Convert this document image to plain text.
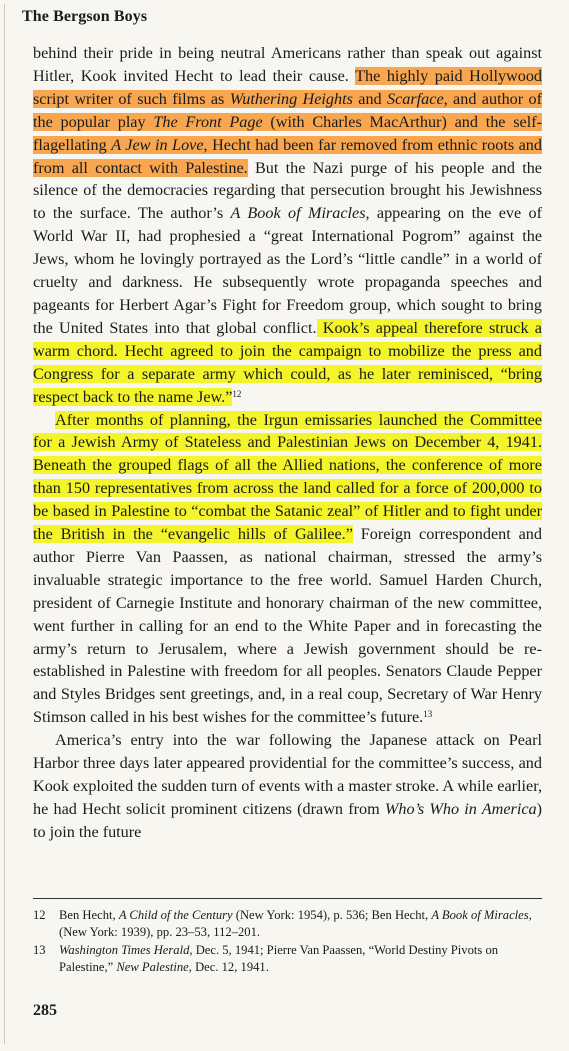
The Bergson Boys

behind their pride in being neutral Americans rather than speak out against Hitler, Kook invited Hecht to lead their cause. The highly paid Hollywood script writer of such films as Wuthering Heights and Scarface, and author of the popular play The Front Page (with Charles MacArthur) and the self-flagellating A Jew in Love, Hecht had been far removed from ethnic roots and from all contact with Palestine. But the Nazi purge of his people and the silence of the democracies regarding that persecution brought his Jewishness to the surface. The author’s A Book of Miracles, appearing on the eve of World War II, had prophesied a “great International Pogrom” against the Jews, whom he lovingly portrayed as the Lord’s “little candle” in a world of cruelty and darkness. He subsequently wrote propaganda speeches and pageants for Herbert Agar’s Fight for Freedom group, which sought to bring the United States into that global conflict. Kook’s appeal therefore struck a warm chord. Hecht agreed to join the campaign to mobilize the press and Congress for a separate army which could, as he later reminisced, “bring respect back to the name Jew.”$^{12}$

After months of planning, the Irgun emissaries launched the Committee for a Jewish Army of Stateless and Palestinian Jews on December 4, 1941. Beneath the grouped flags of all the Allied nations, the conference of more than 150 representatives from across the land called for a force of 200,000 to be based in Palestine to “combat the Satanic zeal” of Hitler and to fight under the British in the “evangelic hills of Galilee.” Foreign correspondent and author Pierre Van Paassen, as national chairman, stressed the army’s invaluable strategic importance to the free world. Samuel Harden Church, president of Carnegie Institute and honorary chairman of the new committee, went further in calling for an end to the White Paper and in forecasting the army’s return to Jerusalem, where a Jewish government should be re-established in Palestine with freedom for all peoples. Senators Claude Pepper and Styles Bridges sent greetings, and, in a real coup, Secretary of War Henry Stimson called in his best wishes for the committee’s future.$^{13}$

America’s entry into the war following the Japanese attack on Pearl Harbor three days later appeared providential for the committee’s success, and Kook exploited the sudden turn of events with a master stroke. A while earlier, he had Hecht solicit prominent citizens (drawn from Who’s Who in America) to join the future

12	Ben Hecht, A Child of the Century (New York: 1954), p. 536; Ben Hecht, A Book of Miracles, (New York: 1939), pp. 23–53, 112–201.
13	Washington Times Herald, Dec. 5, 1941; Pierre Van Paassen, “World Destiny Pivots on Palestine,” New Palestine, Dec. 12, 1941.
285
